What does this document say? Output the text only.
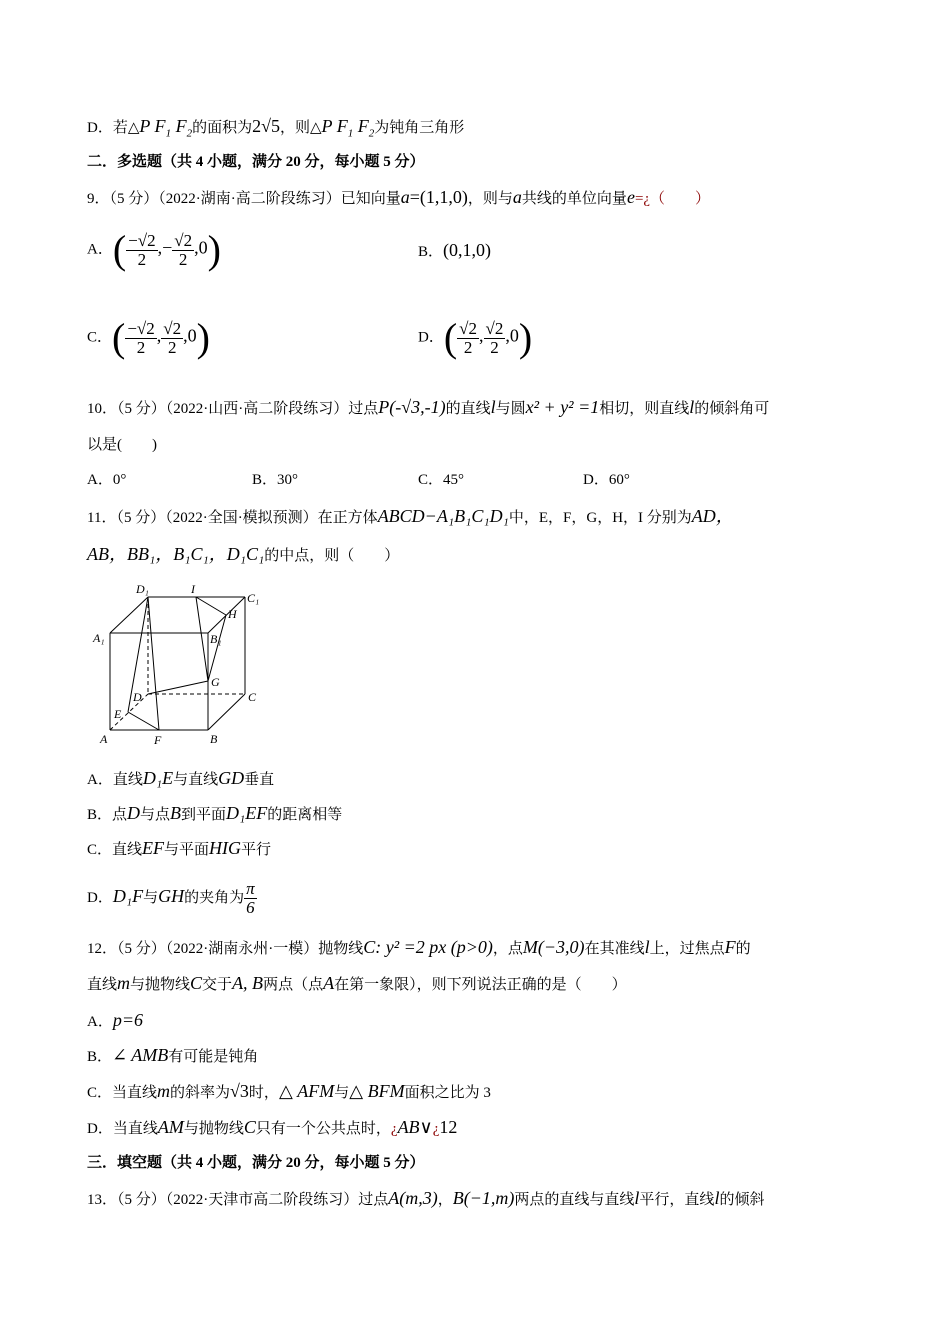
D．若△P $F_1$ $F_2$的面积为2√5，则△P $F_1$ $F_2$为钝角三角形
二．多选题（共 4 小题，满分 20 分，每小题 5 分）
9．（5 分）（2022·湖南·高二阶段练习）已知向量a=(1,1,0)，则与a共线的单位向量e=¿（　　）
A．( $\frac{-√2}{2}$ ,− $\frac{√2}{2} ,0$)	B．(0,1,0)
C．( $\frac{-√2}{2}$ , $\frac{√2}{2} ,0$)	D．( $\frac{√2}{2}$ , $\frac{√2}{2} ,0$)
10．（5 分）（2022·山西·高二阶段练习）过点P(-√3,-1)的直线l与圆x² + y² =1相切，则直线l的倾斜角可
以是(　　)
A．0°	B．30°	C．45°	D．60°
11．（5 分）（2022·全国·模拟预测）在正方体ABCD−A₁B₁C₁D₁中，E，F，G，H，I 分别为AD，
AB，BB₁，B₁C₁，D₁C₁的中点，则（　　）
D₁	I
C₁
H
A₁	B₁
G
D	C
E
A	F	B
A．直线D₁E与直线GD垂直
B．点D与点B到平面D₁EF的距离相等
C．直线EF与平面HIG平行
D．D₁F与GH的夹角为 $\frac{\pi}{6}$
12．（5 分）（2022·湖南永州·一模）抛物线C: y² =2 px (p>0)，点M(−3,0)在其准线l上，过焦点F的
直线m与抛物线C交于A, B两点（点A在第一象限），则下列说法正确的是（　　）
A．p=6
B．∠ AMB有可能是钝角
C．当直线m的斜率为√3时，△ AFM与△ BFM面积之比为 3
D．当直线AM与抛物线C只有一个公共点时，¿AB∨¿12
三．填空题（共 4 小题，满分 20 分，每小题 5 分）
13．（5 分）（2022·天津市高二阶段练习）过点A(m,3)，B(−1,m)两点的直线与直线l平行，直线l的倾斜
